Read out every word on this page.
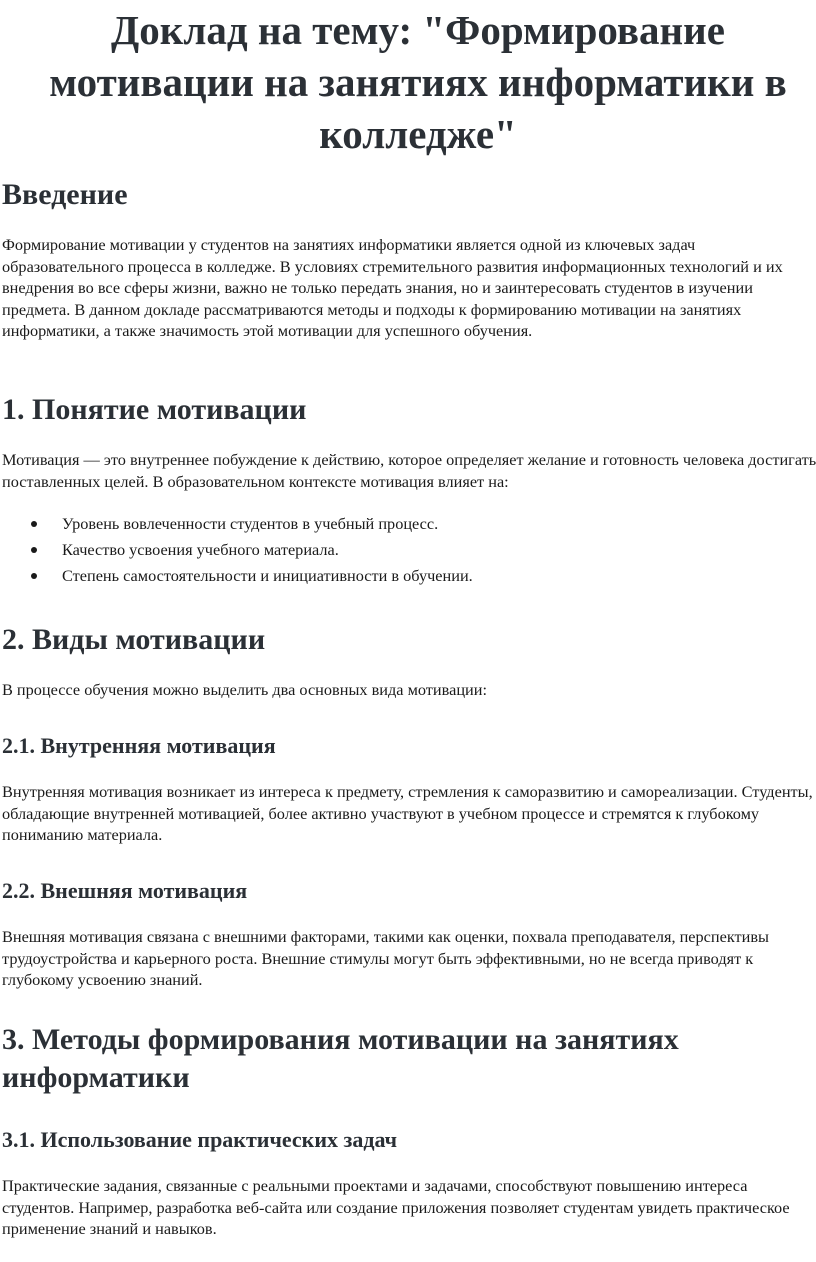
Доклад на тему: "Формирование мотивации на занятиях информатики в колледже"
Введение

Формирование мотивации у студентов на занятиях информатики является одной из ключевых задач образовательного процесса в колледже. В условиях стремительного развития информационных технологий и их внедрения во все сферы жизни, важно не только передать знания, но и заинтересовать студентов в изучении предмета. В данном докладе рассматриваются методы и подходы к формированию мотивации на занятиях информатики, а также значимость этой мотивации для успешного обучения.

1. Понятие мотивации

Мотивация — это внутреннее побуждение к действию, которое определяет желание и готовность человека достигать поставленных целей. В образовательном контексте мотивация влияет на:

Уровень вовлеченности студентов в учебный процесс.
Качество усвоения учебного материала.
Степень самостоятельности и инициативности в обучении.
2. Виды мотивации

В процессе обучения можно выделить два основных вида мотивации:

2.1. Внутренняя мотивация

Внутренняя мотивация возникает из интереса к предмету, стремления к саморазвитию и самореализации. Студенты, обладающие внутренней мотивацией, более активно участвуют в учебном процессе и стремятся к глубокому пониманию материала.

2.2. Внешняя мотивация

Внешняя мотивация связана с внешними факторами, такими как оценки, похвала преподавателя, перспективы трудоустройства и карьерного роста. Внешние стимулы могут быть эффективными, но не всегда приводят к глубокому усвоению знаний.

3. Методы формирования мотивации на занятиях информатики
3.1. Использование практических задач

Практические задания, связанные с реальными проектами и задачами, способствуют повышению интереса студентов. Например, разработка веб-сайта или создание приложения позволяет студентам увидеть практическое применение знаний и навыков.
